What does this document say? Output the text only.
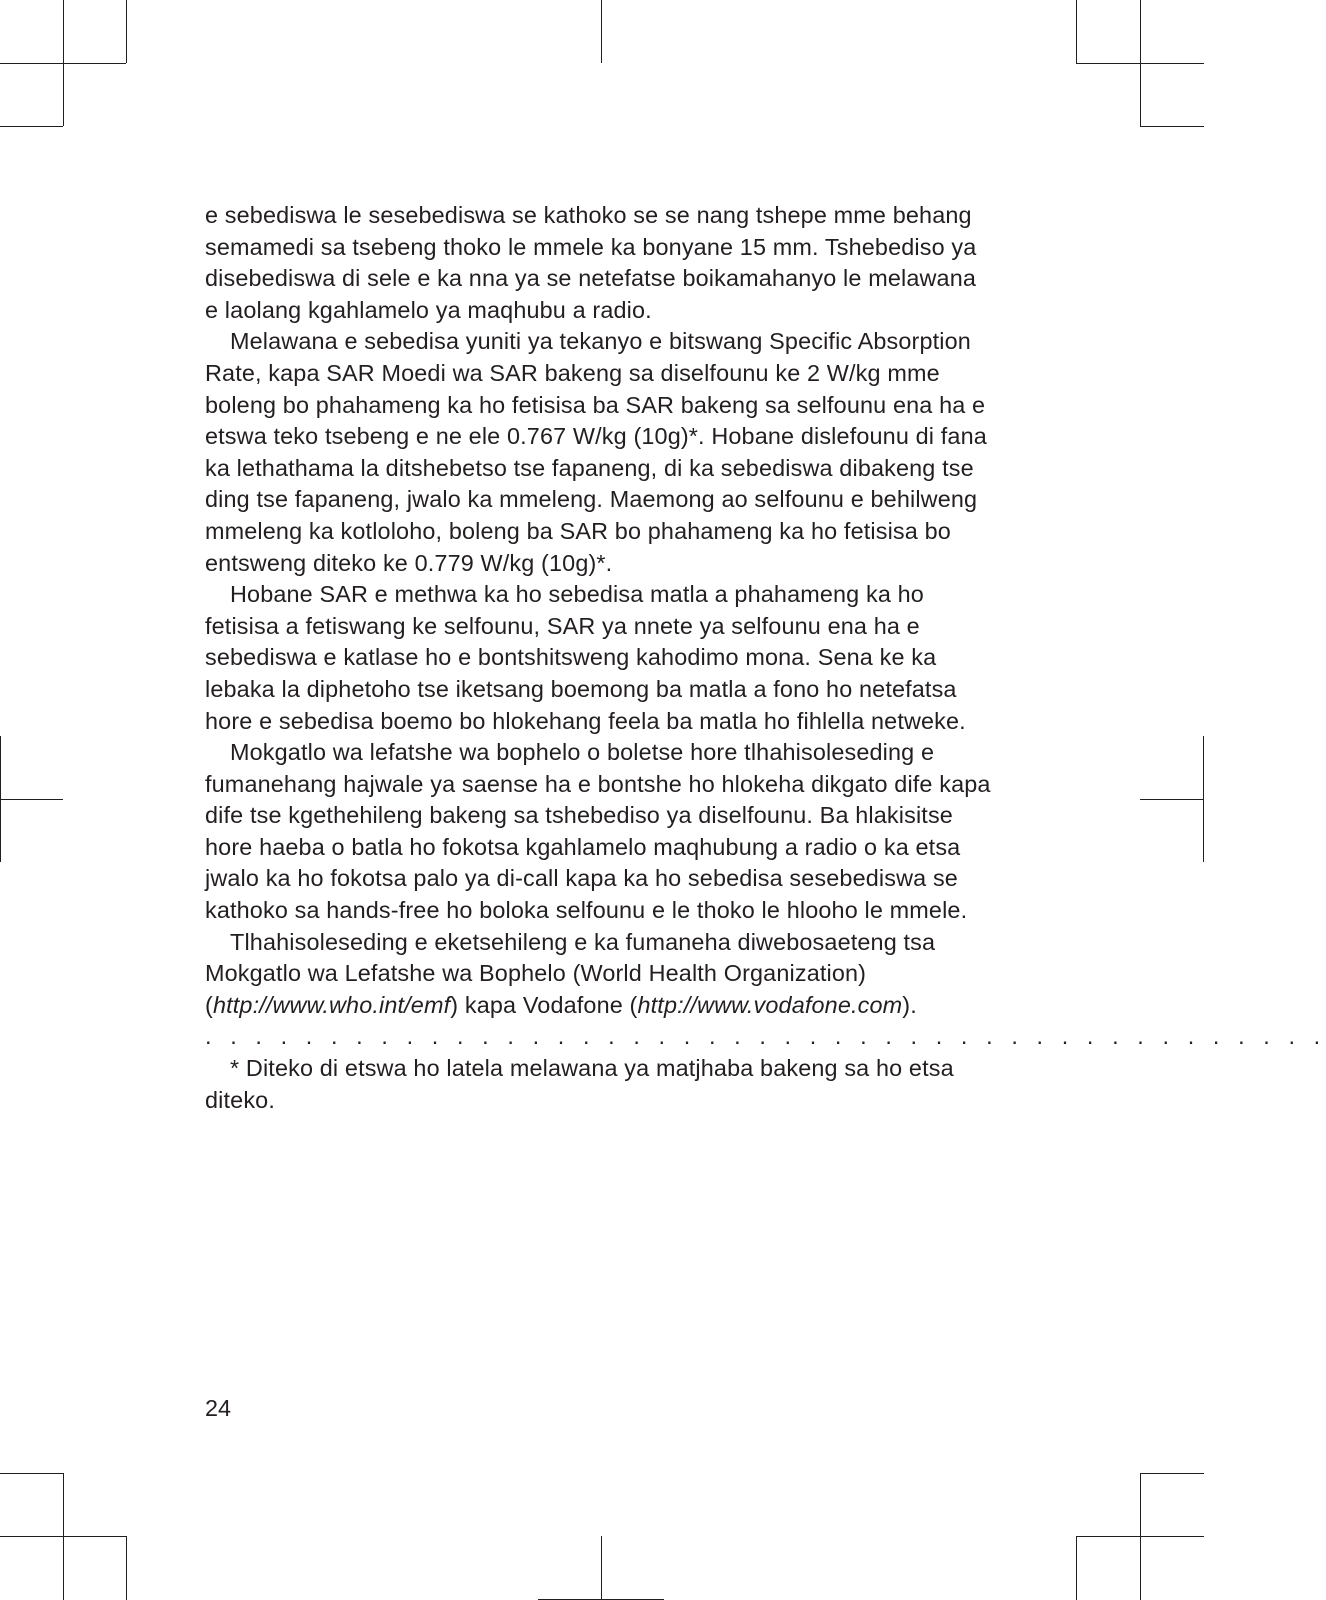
e sebediswa le sesebediswa se kathoko se se nang tshepe mme behang semamedi sa tsebeng thoko le mmele ka bonyane 15 mm. Tshebediso ya disebediswa di sele e ka nna ya se netefatse boikamahanyo le melawana e laolang kgahlamelo ya maqhubu a radio.

Melawana e sebedisa yuniti ya tekanyo e bitswang Specific Absorption Rate, kapa SAR Moedi wa SAR bakeng sa diselfounu ke 2 W/kg mme boleng bo phahameng ka ho fetisisa ba SAR bakeng sa selfounu ena ha e etswa teko tsebeng e ne ele 0.767 W/kg (10g)*. Hobane dislefounu di fana ka lethathama la ditshebetso tse fapaneng, di ka sebediswa dibakeng tse ding tse fapaneng, jwalo ka mmeleng. Maemong ao selfounu e behilweng mmeleng ka kotloloho, boleng ba SAR bo phahameng ka ho fetisisa bo entsweng diteko ke 0.779 W/kg (10g)*.

Hobane SAR e methwa ka ho sebedisa matla a phahameng ka ho fetisisa a fetiswang ke selfounu, SAR ya nnete ya selfounu ena ha e sebediswa e katlase ho e bontshitsweng kahodimo mona. Sena ke ka lebaka la diphetoho tse iketsang boemong ba matla a fono ho netefatsa hore e sebedisa boemo bo hlokehang feela ba matla ho fihlella netweke.

Mokgatlo wa lefatshe wa bophelo o boletse hore tlhahisoleseding e fumanehang hajwale ya saense ha e bontshe ho hlokeha dikgato dife kapa dife tse kgethehileng bakeng sa tshebediso ya diselfounu. Ba hlakisitse hore haeba o batla ho fokotsa kgahlamelo maqhubung a radio o ka etsa jwalo ka ho fokotsa palo ya di-call kapa ka ho sebedisa sesebediswa se kathoko sa hands-free ho boloka selfounu e le thoko le hlooho le mmele.

Tlhahisoleseding e eketsehileng e ka fumaneha diwebosaeteng tsa Mokgatlo wa Lefatshe wa Bophelo (World Health Organization) (http://www.who.int/emf) kapa Vodafone (http://www.vodafone.com).

. . . . . . . . . . . . . . . . . . . . . . . . . . . . . . . . . . . . . . . . . . . . .

* Diteko di etswa ho latela melawana ya matjhaba bakeng sa ho etsa diteko.

24
